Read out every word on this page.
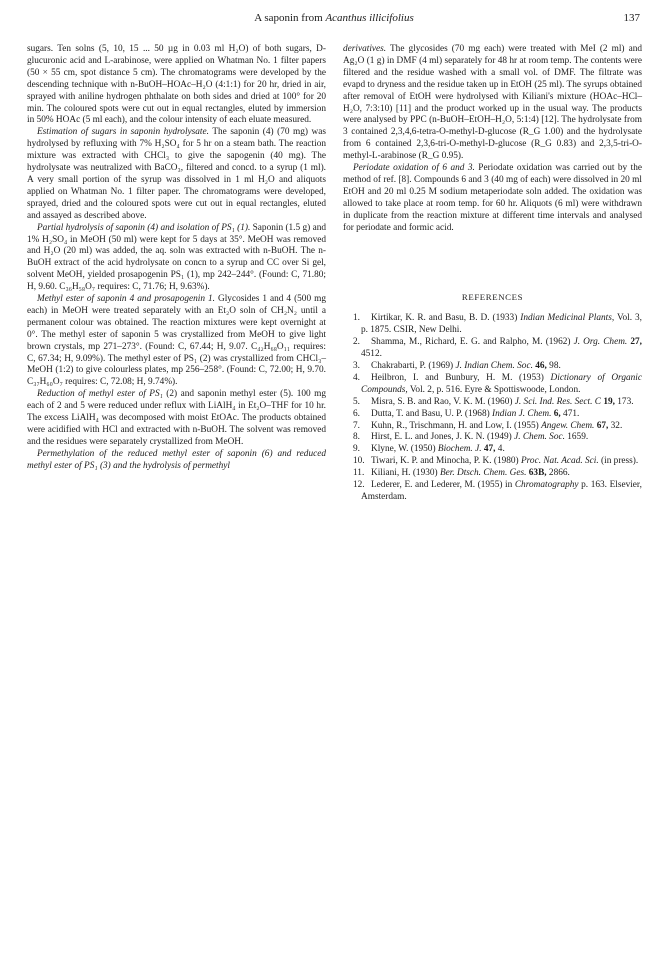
A saponin from Acanthus illicifolius	137

sugars. Ten solns (5, 10, 15 ... 50 µg in 0.03 ml H₂O) of both sugars, D-glucuronic acid and L-arabinose, were applied on Whatman No. 1 filter papers (50 × 55 cm, spot distance 5 cm). The chromatograms were developed by the descending technique with n-BuOH–HOAc–H₂O (4:1:1) for 20 hr, dried in air, sprayed with aniline hydrogen phthalate on both sides and dried at 100° for 20 min. The coloured spots were cut out in equal rectangles, eluted by immersion in 50% HOAc (5 ml each), and the colour intensity of each eluate measured.

Estimation of sugars in saponin hydrolysate. The saponin (4) (70 mg) was hydrolysed by refluxing with 7% H₂SO₄ for 5 hr on a steam bath. The reaction mixture was extracted with CHCl₃ to give the sapogenin (40 mg). The hydrolysate was neutralized with BaCO₃, filtered and concd. to a syrup (1 ml). A very small portion of the syrup was dissolved in 1 ml H₂O and aliquots applied on Whatman No. 1 filter paper. The chromatograms were developed, sprayed, dried and the coloured spots were cut out in equal rectangles, eluted and assayed as described above.

Partial hydrolysis of saponin (4) and isolation of PS₁ (1). Saponin (1.5 g) and 1% H₂SO₄ in MeOH (50 ml) were kept for 5 days at 35°. MeOH was removed and H₂O (20 ml) was added, the aq. soln was extracted with n-BuOH. The n-BuOH extract of the acid hydrolysate on concn to a syrup and CC over Si gel, solvent MeOH, yielded prosapogenin PS₁ (1), mp 242–244°. (Found: C, 71.80; H, 9.60. C₃₆H₅₈O₇ requires: C, 71.76; H, 9.63%).

Methyl ester of saponin 4 and prosapogenin 1. Glycosides 1 and 4 (500 mg each) in MeOH were treated separately with an Et₂O soln of CH₂N₂ until a permanent colour was obtained. The reaction mixtures were kept overnight at 0°. The methyl ester of saponin 5 was crystallized from MeOH to give light brown crystals, mp 271–273°. (Found: C, 67.44; H, 9.07. C₄₂H₆₈O₁₁ requires: C, 67.34; H, 9.09%). The methyl ester of PS₁ (2) was crystallized from CHCl₃–MeOH (1:2) to give colourless plates, mp 256–258°. (Found: C, 72.00; H, 9.70. C₃₇H₆₀O₇ requires: C, 72.08; H, 9.74%).

Reduction of methyl ester of PS₁ (2) and saponin methyl ester (5). 100 mg each of 2 and 5 were reduced under reflux with LiAlH₄ in Et₂O–THF for 10 hr. The excess LiAlH₄ was decomposed with moist EtOAc. The products obtained were acidified with HCl and extracted with n-BuOH. The solvent was removed and the residues were separately crystallized from MeOH.

Permethylation of the reduced methyl ester of saponin (6) and reduced methyl ester of PS₁ (3) and the hydrolysis of permethyl

derivatives. The glycosides (70 mg each) were treated with MeI (2 ml) and Ag₂O (1 g) in DMF (4 ml) separately for 48 hr at room temp. The contents were filtered and the residue washed with a small vol. of DMF. The filtrate was evapd to dryness and the residue taken up in EtOH (25 ml). The syrups obtained after removal of EtOH were hydrolysed with Kiliani's mixture (HOAc–HCl–H₂O, 7:3:10) [11] and the product worked up in the usual way. The products were analysed by PPC (n-BuOH–EtOH–H₂O, 5:1:4) [12]. The hydrolysate from 3 contained 2,3,4,6-tetra-O-methyl-D-glucose (R_G 1.00) and the hydrolysate from 6 contained 2,3,6-tri-O-methyl-D-glucose (R_G 0.83) and 2,3,5-tri-O-methyl-L-arabinose (R_G 0.95).

Periodate oxidation of 6 and 3. Periodate oxidation was carried out by the method of ref. [8]. Compounds 6 and 3 (40 mg of each) were dissolved in 20 ml EtOH and 20 ml 0.25 M sodium metaperiodate soln added. The oxidation was allowed to take place at room temp. for 60 hr. Aliquots (6 ml) were withdrawn in duplicate from the reaction mixture at different time intervals and analysed for periodate and formic acid.

REFERENCES

1. Kirtikar, K. R. and Basu, B. D. (1933) Indian Medicinal Plants, Vol. 3, p. 1875. CSIR, New Delhi.

2. Shamma, M., Richard, E. G. and Ralpho, M. (1962) J. Org. Chem. 27, 4512.

3. Chakrabarti, P. (1969) J. Indian Chem. Soc. 46, 98.

4. Heilbron, I. and Bunbury, H. M. (1953) Dictionary of Organic Compounds, Vol. 2, p. 516. Eyre & Spottiswoode, London.

5. Misra, S. B. and Rao, V. K. M. (1960) J. Sci. Ind. Res. Sect. C 19, 173.

6. Dutta, T. and Basu, U. P. (1968) Indian J. Chem. 6, 471.

7. Kuhn, R., Trischmann, H. and Low, I. (1955) Angew. Chem. 67, 32.

8. Hirst, E. L. and Jones, J. K. N. (1949) J. Chem. Soc. 1659.

9. Klyne, W. (1950) Biochem. J. 47, 4.

10. Tiwari, K. P. and Minocha, P. K. (1980) Proc. Nat. Acad. Sci. (in press).

11. Kiliani, H. (1930) Ber. Dtsch. Chem. Ges. 63B, 2866.

12. Lederer, E. and Lederer, M. (1955) in Chromatography p. 163. Elsevier, Amsterdam.
